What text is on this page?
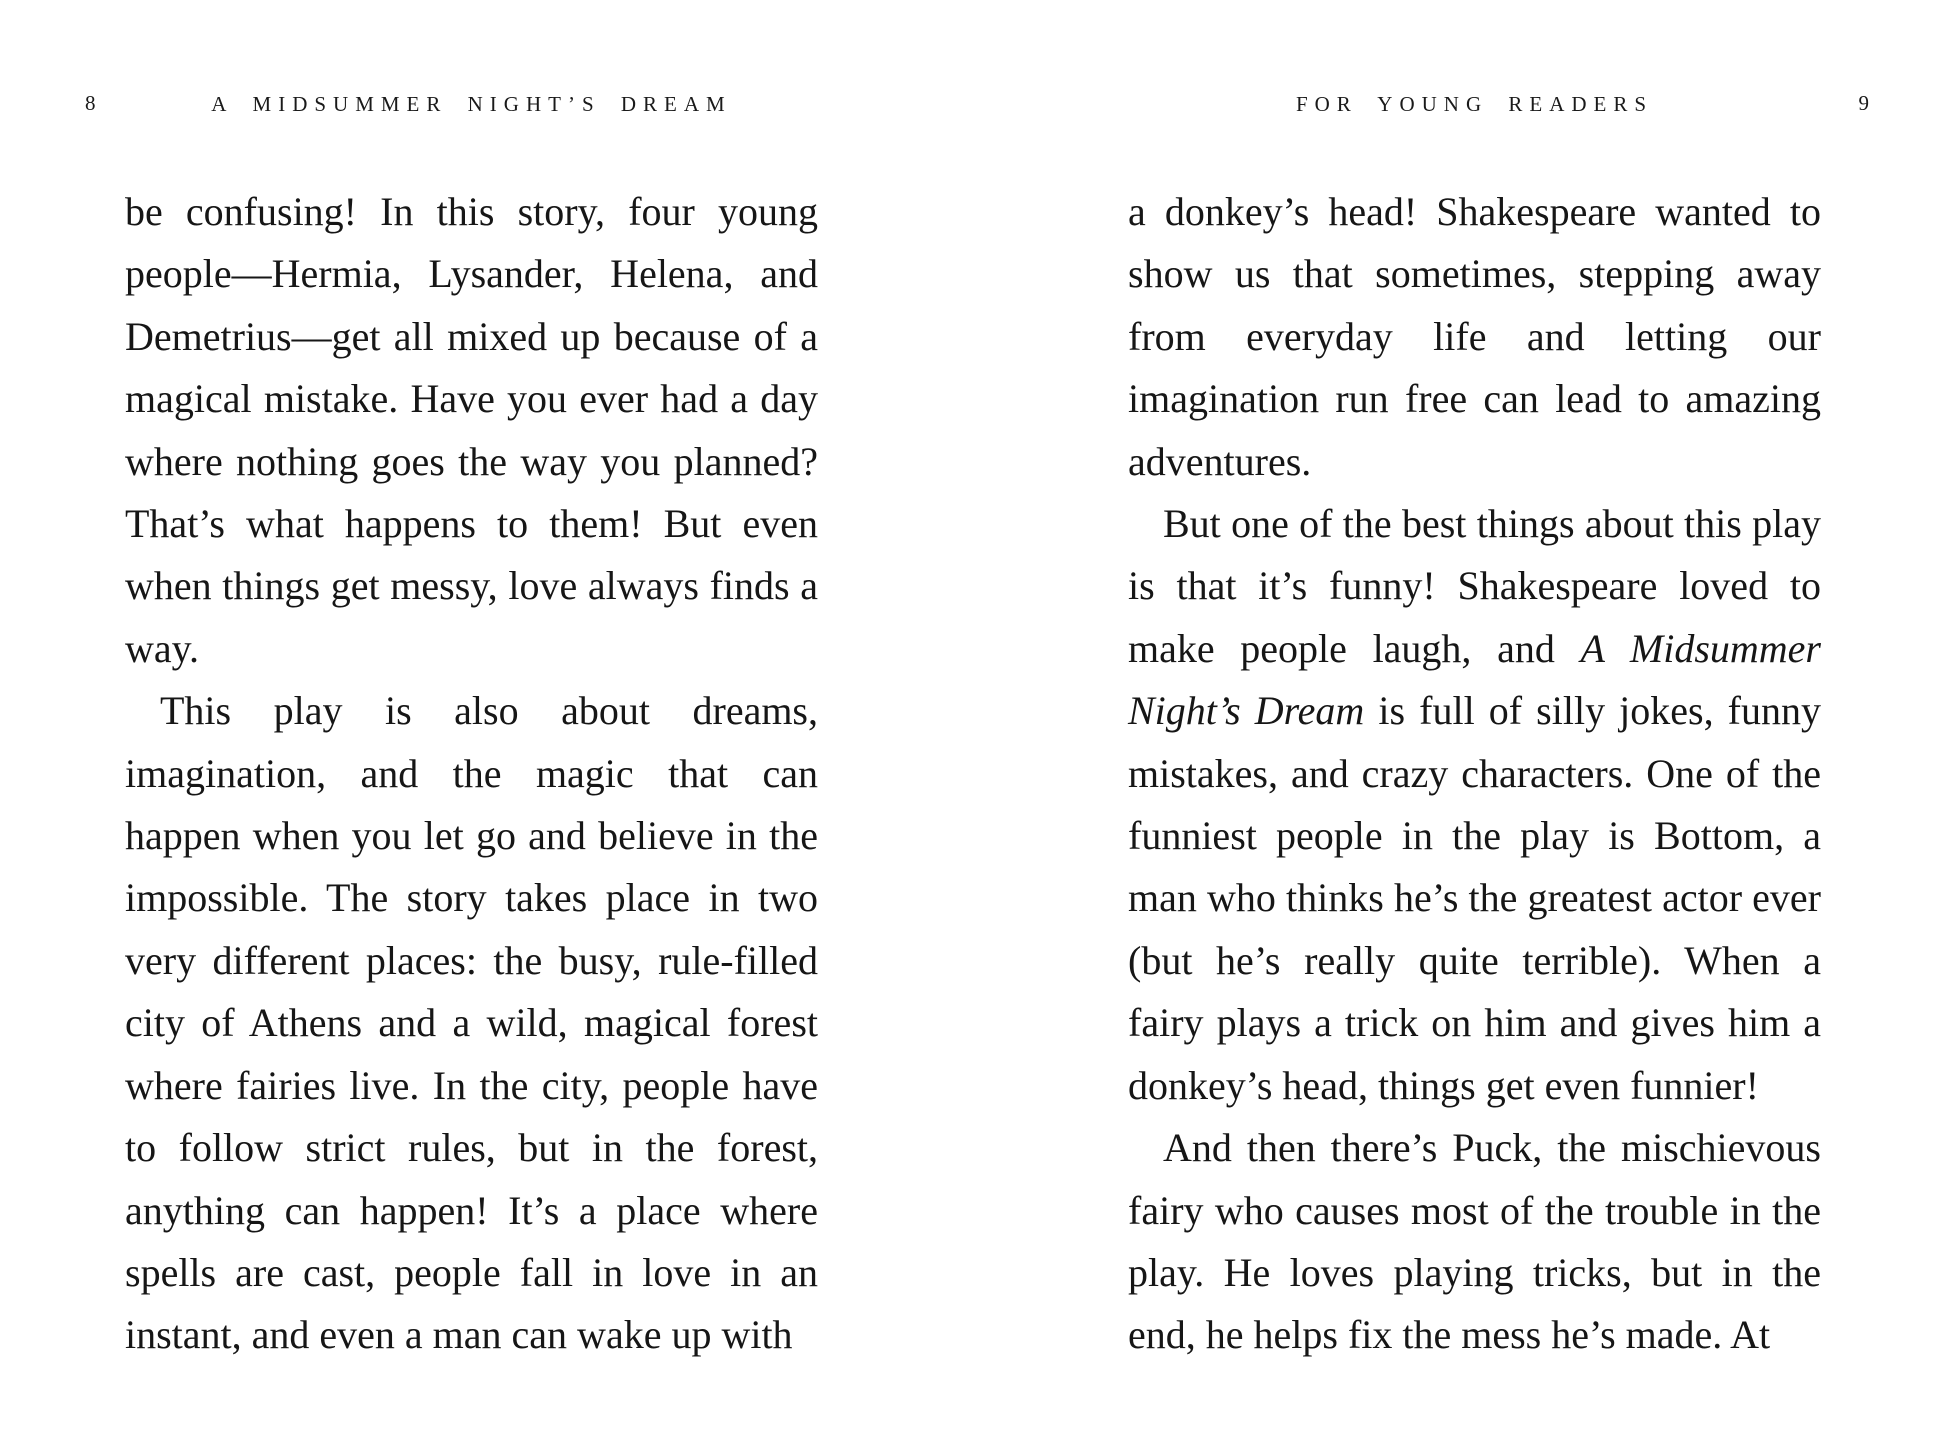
8	A MIDSUMMER NIGHT’S DREAM

be confusing! In this story, four young people—Hermia, Lysander, Helena, and Demetrius—get all mixed up because of a magical mistake. Have you ever had a day where nothing goes the way you planned? That’s what happens to them! But even when things get messy, love always finds a way.

This play is also about dreams, imagination, and the magic that can happen when you let go and believe in the impossible. The story takes place in two very different places: the busy, rule-filled city of Athens and a wild, magical forest where fairies live. In the city, people have to follow strict rules, but in the forest, anything can happen! It’s a place where spells are cast, people fall in love in an instant, and even a man can wake up with

FOR YOUNG READERS	9

a donkey’s head! Shakespeare wanted to show us that sometimes, stepping away from everyday life and letting our imagination run free can lead to amazing adventures.

But one of the best things about this play is that it’s funny! Shakespeare loved to make people laugh, and A Midsummer Night’s Dream is full of silly jokes, funny mistakes, and crazy characters. One of the funniest people in the play is Bottom, a man who thinks he’s the greatest actor ever (but he’s really quite terrible). When a fairy plays a trick on him and gives him a donkey’s head, things get even funnier!

And then there’s Puck, the mischievous fairy who causes most of the trouble in the play. He loves playing tricks, but in the end, he helps fix the mess he’s made. At
